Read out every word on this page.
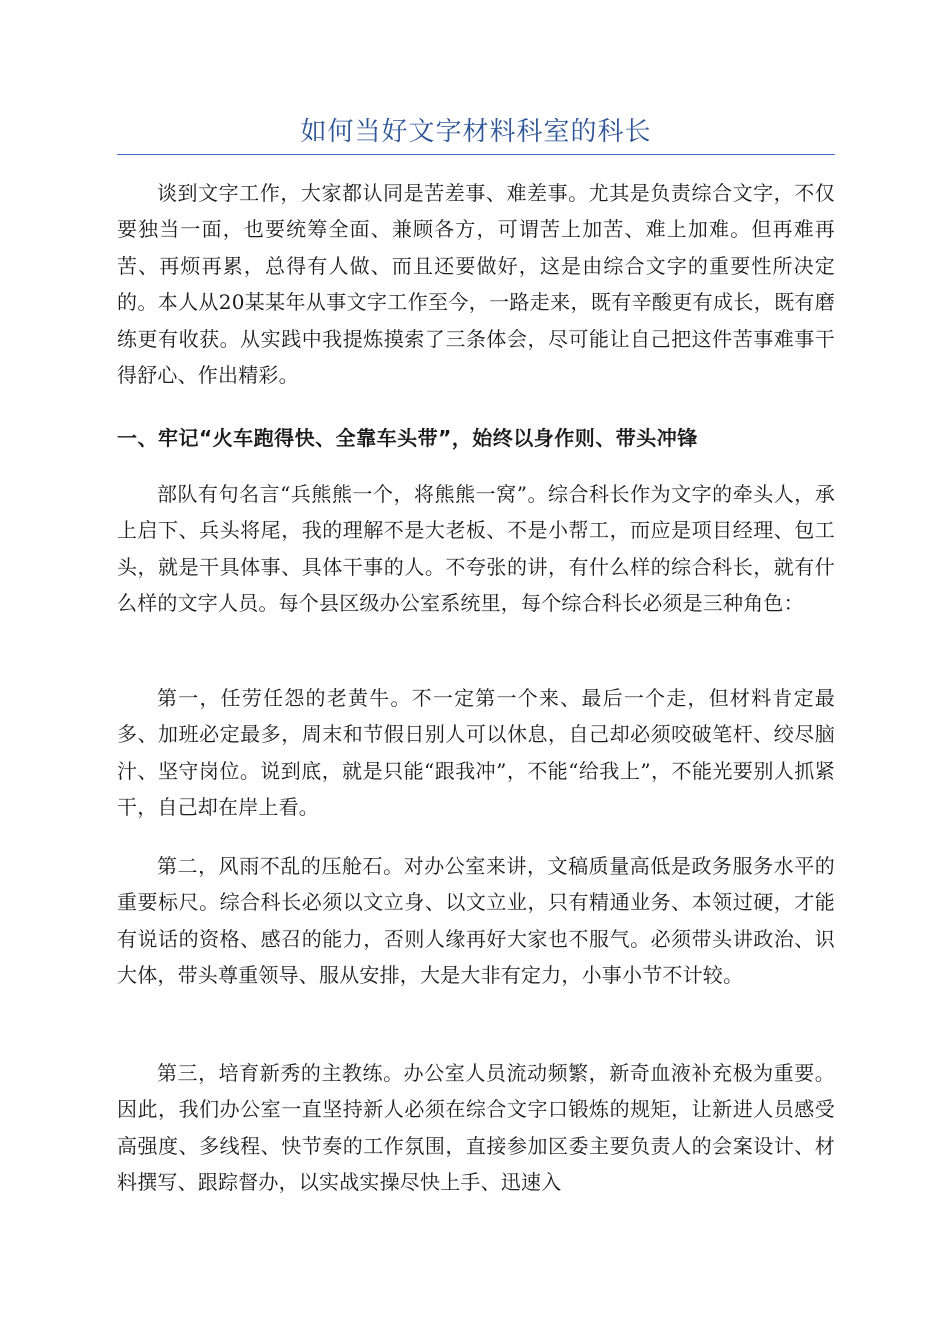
如何当好文字材料科室的科长

谈到文字工作，大家都认同是苦差事、难差事。尤其是负责综合文字，不仅要独当一面，也要统筹全面、兼顾各方，可谓苦上加苦、难上加难。但再难再苦、再烦再累，总得有人做、而且还要做好，这是由综合文字的重要性所决定的。本人从20某某年从事文字工作至今，一路走来，既有辛酸更有成长，既有磨练更有收获。从实践中我提炼摸索了三条体会，尽可能让自己把这件苦事难事干得舒心、作出精彩。

一、牢记“火车跑得快、全靠车头带”，始终以身作则、带头冲锋

部队有句名言“兵熊熊一个，将熊熊一窝”。综合科长作为文字的牵头人，承上启下、兵头将尾，我的理解不是大老板、不是小帮工，而应是项目经理、包工头，就是干具体事、具体干事的人。不夸张的讲，有什么样的综合科长，就有什么样的文字人员。每个县区级办公室系统里，每个综合科长必须是三种角色：

第一，任劳任怨的老黄牛。不一定第一个来、最后一个走，但材料肯定最多、加班必定最多，周末和节假日别人可以休息，自己却必须咬破笔杆、绞尽脑汁、坚守岗位。说到底，就是只能“跟我冲”，不能“给我上”，不能光要别人抓紧干，自己却在岸上看。

第二，风雨不乱的压舱石。对办公室来讲，文稿质量高低是政务服务水平的重要标尺。综合科长必须以文立身、以文立业，只有精通业务、本领过硬，才能有说话的资格、感召的能力，否则人缘再好大家也不服气。必须带头讲政治、识大体，带头尊重领导、服从安排，大是大非有定力，小事小节不计较。

第三，培育新秀的主教练。办公室人员流动频繁，新奇血液补充极为重要。因此，我们办公室一直坚持新人必须在综合文字口锻炼的规矩，让新进人员感受高强度、多线程、快节奏的工作氛围，直接参加区委主要负责人的会案设计、材料撰写、跟踪督办，以实战实操尽快上手、迅速入
